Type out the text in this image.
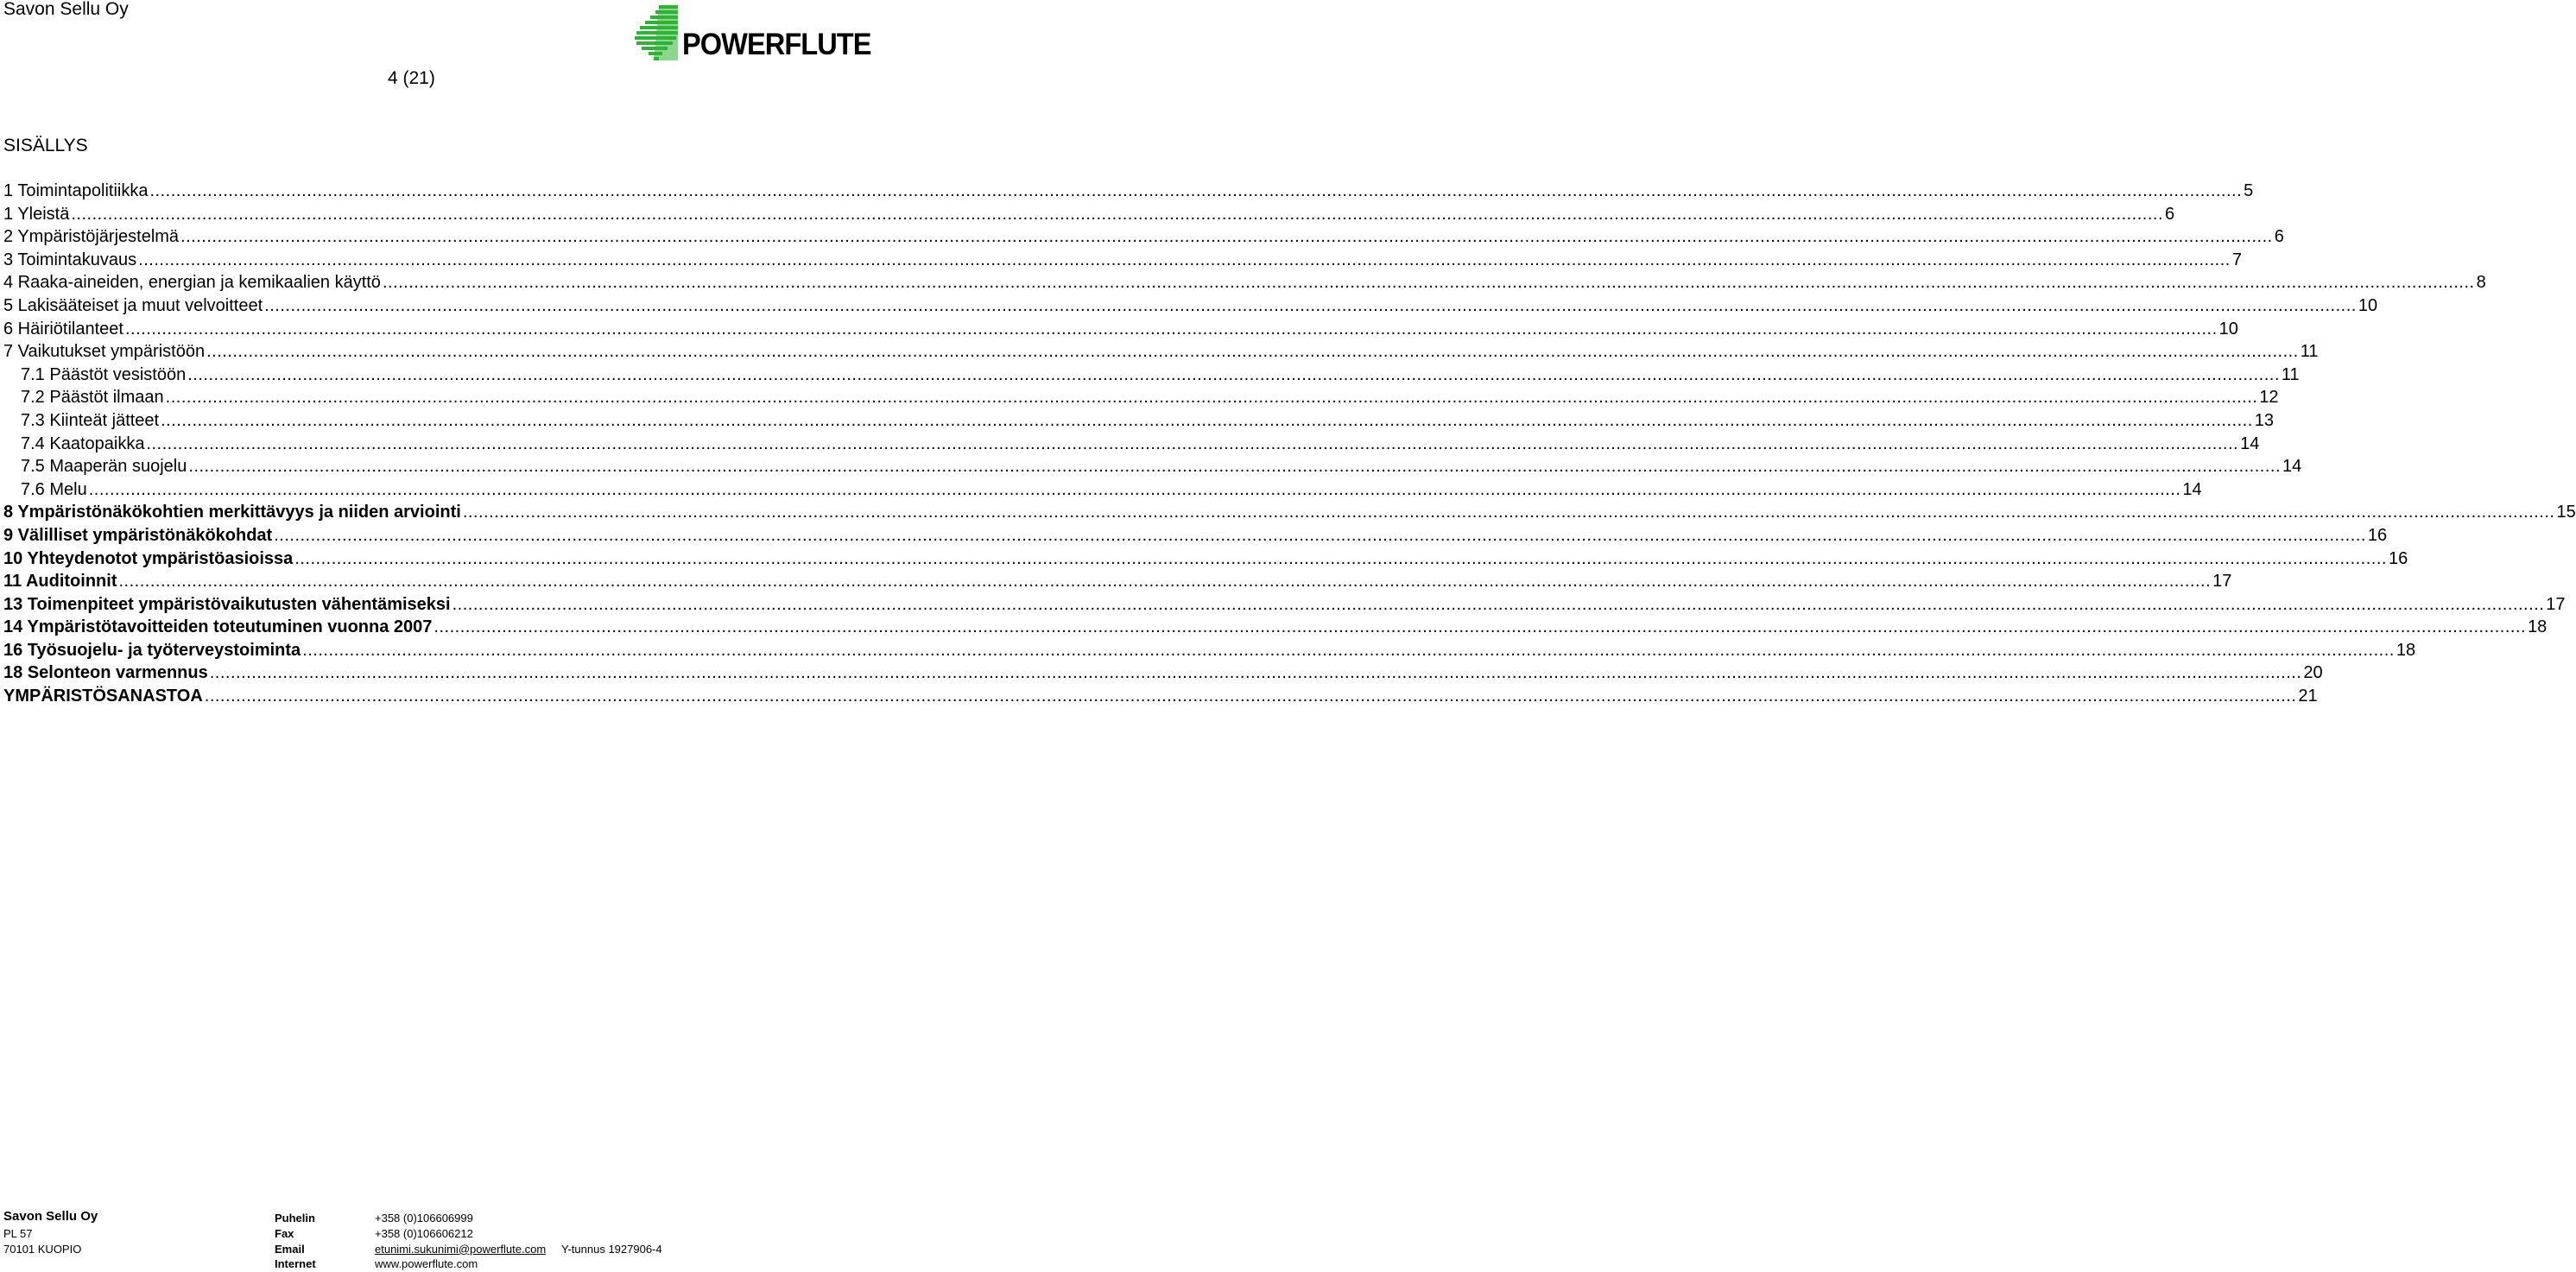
Savon Sellu Oy
POWERFLUTE
4 (21)
SISÄLLYS
1 Toimintapolitiikka ................................................................................................................................................................................................................................................................................................................................................................................................................ 5
1 Yleistä ................................................................................................................................................................................................................................................................................................................................................................................................................ 6
2 Ympäristöjärjestelmä ................................................................................................................................................................................................................................................................................................................................................................................................................ 6
3 Toimintakuvaus ................................................................................................................................................................................................................................................................................................................................................................................................................ 7
4 Raaka-aineiden, energian ja kemikaalien käyttö ................................................................................................................................................................................................................................................................................................................................................................................................................ 8
5 Lakisääteiset ja muut velvoitteet ................................................................................................................................................................................................................................................................................................................................................................................................................ 10
6 Häiriötilanteet ................................................................................................................................................................................................................................................................................................................................................................................................................ 10
7 Vaikutukset ympäristöön ................................................................................................................................................................................................................................................................................................................................................................................................................ 11
7.1 Päästöt vesistöön ................................................................................................................................................................................................................................................................................................................................................................................................................ 11
7.2 Päästöt ilmaan ................................................................................................................................................................................................................................................................................................................................................................................................................ 12
7.3 Kiinteät jätteet ................................................................................................................................................................................................................................................................................................................................................................................................................ 13
7.4 Kaatopaikka ................................................................................................................................................................................................................................................................................................................................................................................................................ 14
7.5 Maaperän suojelu ................................................................................................................................................................................................................................................................................................................................................................................................................ 14
7.6 Melu ................................................................................................................................................................................................................................................................................................................................................................................................................ 14
8 Ympäristönäkökohtien merkittävyys ja niiden arviointi ................................................................................................................................................................................................................................................................................................................................................................................................................ 15
9 Välilliset ympäristönäkökohdat ................................................................................................................................................................................................................................................................................................................................................................................................................ 16
10 Yhteydenotot ympäristöasioissa ................................................................................................................................................................................................................................................................................................................................................................................................................ 16
11 Auditoinnit ................................................................................................................................................................................................................................................................................................................................................................................................................ 17
13 Toimenpiteet ympäristövaikutusten vähentämiseksi ................................................................................................................................................................................................................................................................................................................................................................................................................ 17
14 Ympäristötavoitteiden toteutuminen vuonna 2007 ................................................................................................................................................................................................................................................................................................................................................................................................................ 18
16 Työsuojelu- ja työterveystoiminta ................................................................................................................................................................................................................................................................................................................................................................................................................ 18
18 Selonteon varmennus ................................................................................................................................................................................................................................................................................................................................................................................................................ 20
YMPÄRISTÖSANASTOA ................................................................................................................................................................................................................................................................................................................................................................................................................ 21
Savon Sellu Oy
PL 57
70101 KUOPIO
Puhelin	+358 (0)106606999
Fax	+358 (0)106606212
Email	etunimi.sukunimi@powerflute.com Y-tunnus 1927906-4
Internet	www.powerflute.com
